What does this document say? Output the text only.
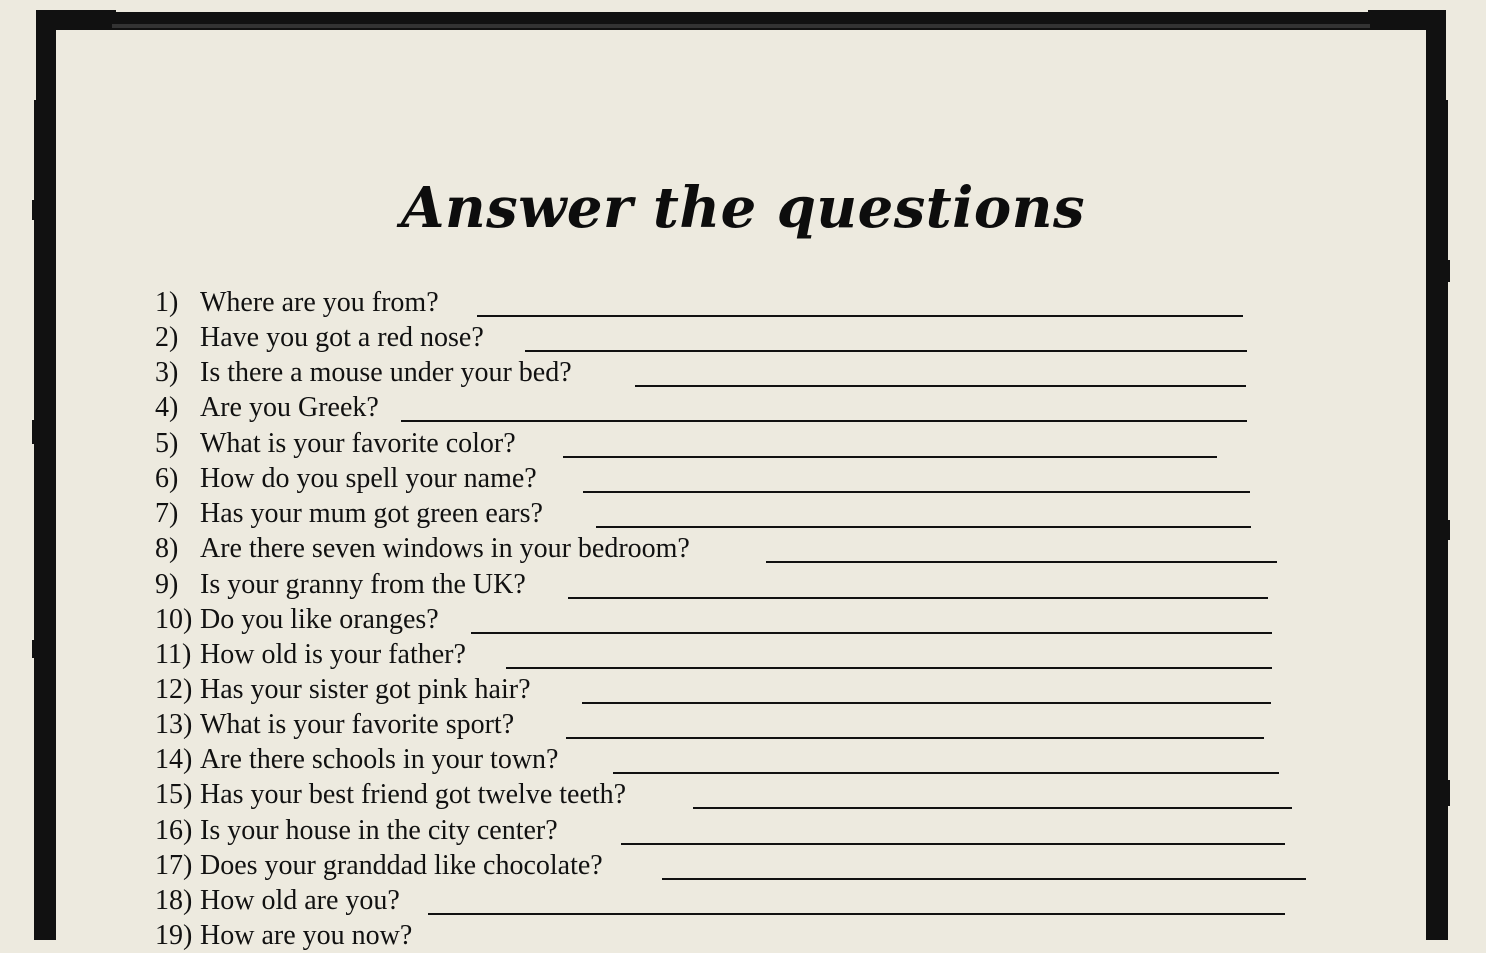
Answer the questions
1) Where are you from?
2) Have you got a red nose?
3) Is there a mouse under your bed?
4) Are you Greek?
5) What is your favorite color?
6) How do you spell your name?
7) Has your mum got green ears?
8) Are there seven windows in your bedroom?
9) Is your granny from the UK?
10) Do you like oranges?
11) How old is your father?
12) Has your sister got pink hair?
13) What is your favorite sport?
14) Are there schools in your town?
15) Has your best friend got twelve teeth?
16) Is your house in the city center?
17) Does your granddad like chocolate?
18) How old are you?
19) How are you now?
